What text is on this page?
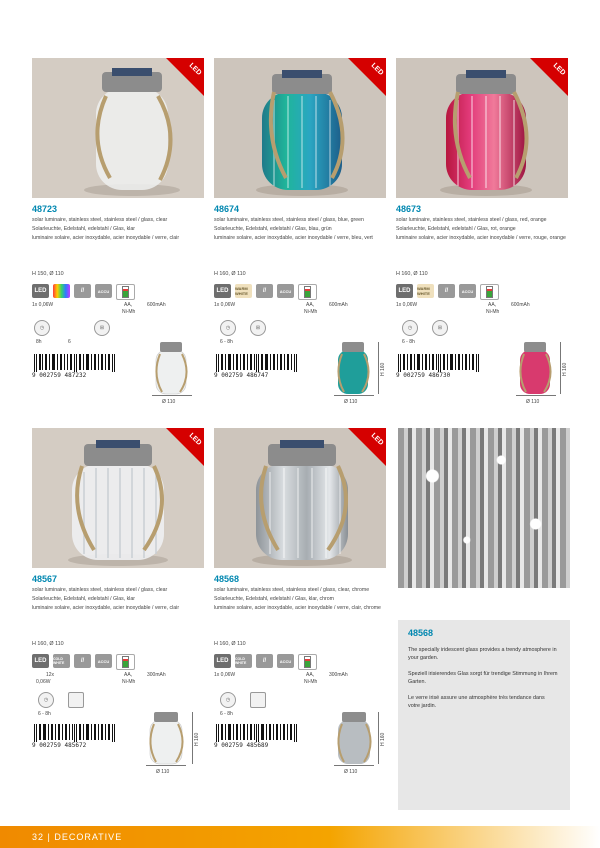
LED
48723
solar luminaire, stainless steel, stainless steel / glass, clear
Solarleuchte, Edelstahl, edelstahl / Glas, klar
luminaire solaire, acier inoxydable, acier inoxydable / verre, clair
H 150, Ø 110
LED	//	ACCU
1x 0,06W	AA,	600mAh
Ni-Mh
◷	⊞
8h	6
9 002759 487232
Ø 110
LED
48674
solar luminaire, stainless steel, stainless steel / glass, blue, green
Solarleuchte, Edelstahl, edelstahl / Glas, blau, grün
luminaire solaire, acier inoxydable, acier inoxydable / verre, bleu, vert
H 160, Ø 110
LED	WARM WHITE	//	ACCU
1x 0,06W	AA,	600mAh
Ni-Mh
◷	⊞
6 - 8h
9 002759 486747	H 160
Ø 110
LED
48673
solar luminaire, stainless steel, stainless steel / glass, red, orange
Solarleuchte, Edelstahl, edelstahl / Glas, rot, orange
luminaire solaire, acier inoxydable, acier inoxydable / verre, rouge, orange
H 160, Ø 110
LED	WARM WHITE	//	ACCU
1x 0,06W	AA,	600mAh
Ni-Mh
◷	⊞
6 - 8h
9 002759 486730	H 160
Ø 110
LED
48567
solar luminaire, stainless steel, stainless steel / glass, clear
Solarleuchte, Edelstahl, edelstahl / Glas, klar
luminaire solaire, acier inoxydable, acier inoxydable / verre, clair
H 160, Ø 110
LED	COLD WHITE	//	ACCU
12x	AA,	300mAh
0,06W	Ni-Mh
◷
6 - 8h
9 002759 485672	H 160
Ø 110
LED
48568
solar luminaire, stainless steel, stainless steel / glass, clear, chrome
Solarleuchte, Edelstahl, edelstahl / Glas, klar, chrom
luminaire solaire, acier inoxydable, acier inoxydable / verre, clair, chrome
H 160, Ø 110
LED	COLD WHITE	//	ACCU
1x 0,06W	AA,	300mAh
Ni-Mh
◷
6 - 8h
9 002759 485689	H 160
Ø 110
48568
The specially iridescent glass provides a trendy atmosphere in your garden.
Speziell irisierendes Glas sorgt für trendige Stimmung in Ihrem Garten.
Le verre irisé assure une atmosphère très tendance dans votre jardin.
32 | DECORATIVE
